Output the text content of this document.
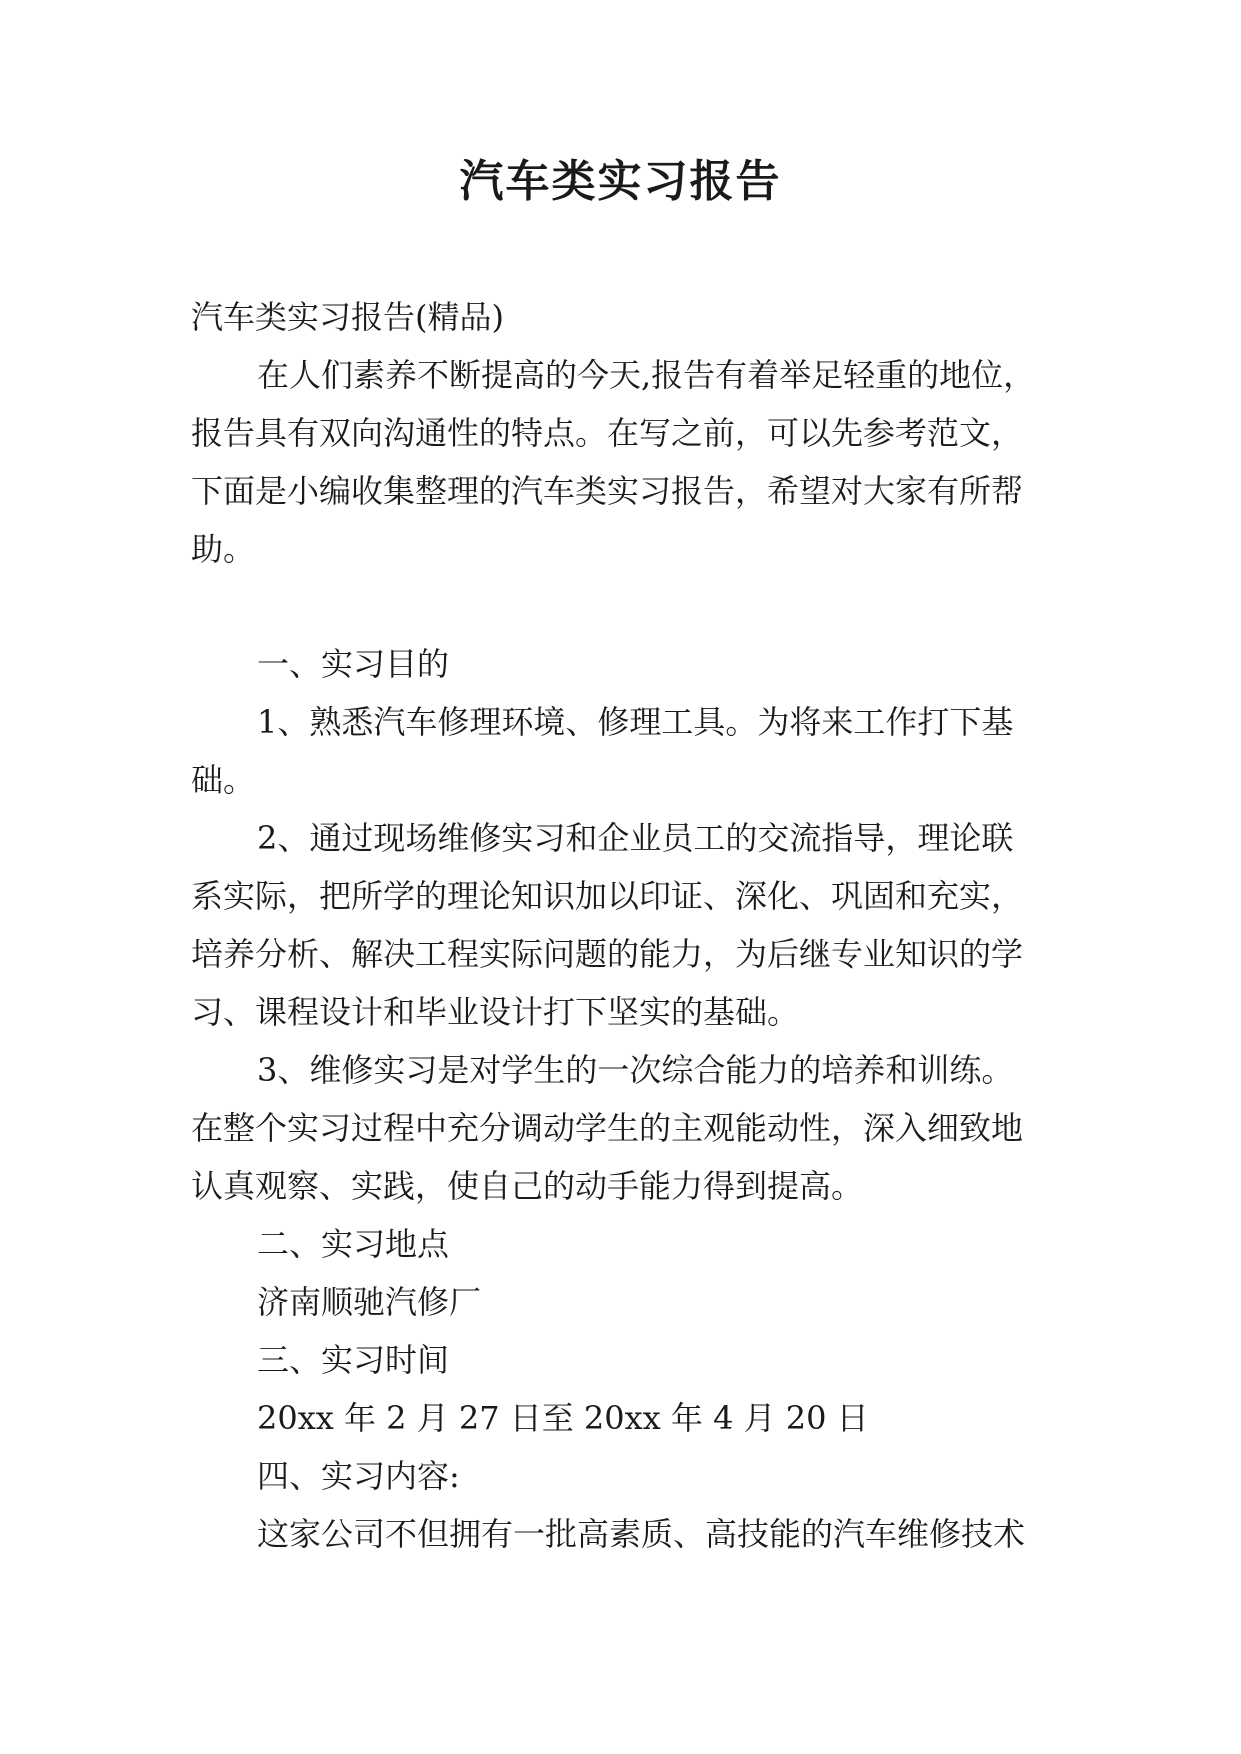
汽车类实习报告
汽车类实习报告(精品)
在人们素养不断提高的今天,报告有着举足轻重的地位，
报告具有双向沟通性的特点。在写之前，可以先参考范文，
下面是小编收集整理的汽车类实习报告，希望对大家有所帮
助。
一、实习目的
1、熟悉汽车修理环境、修理工具。为将来工作打下基
础。
2、通过现场维修实习和企业员工的交流指导，理论联
系实际，把所学的理论知识加以印证、深化、巩固和充实，
培养分析、解决工程实际问题的能力，为后继专业知识的学
习、课程设计和毕业设计打下坚实的基础。
3、维修实习是对学生的一次综合能力的培养和训练。
在整个实习过程中充分调动学生的主观能动性，深入细致地
认真观察、实践，使自己的动手能力得到提高。
二、实习地点
济南顺驰汽修厂
三、实习时间
20xx 年 2 月 27 日至 20xx 年 4 月 20 日
四、实习内容:
这家公司不但拥有一批高素质、高技能的汽车维修技术
